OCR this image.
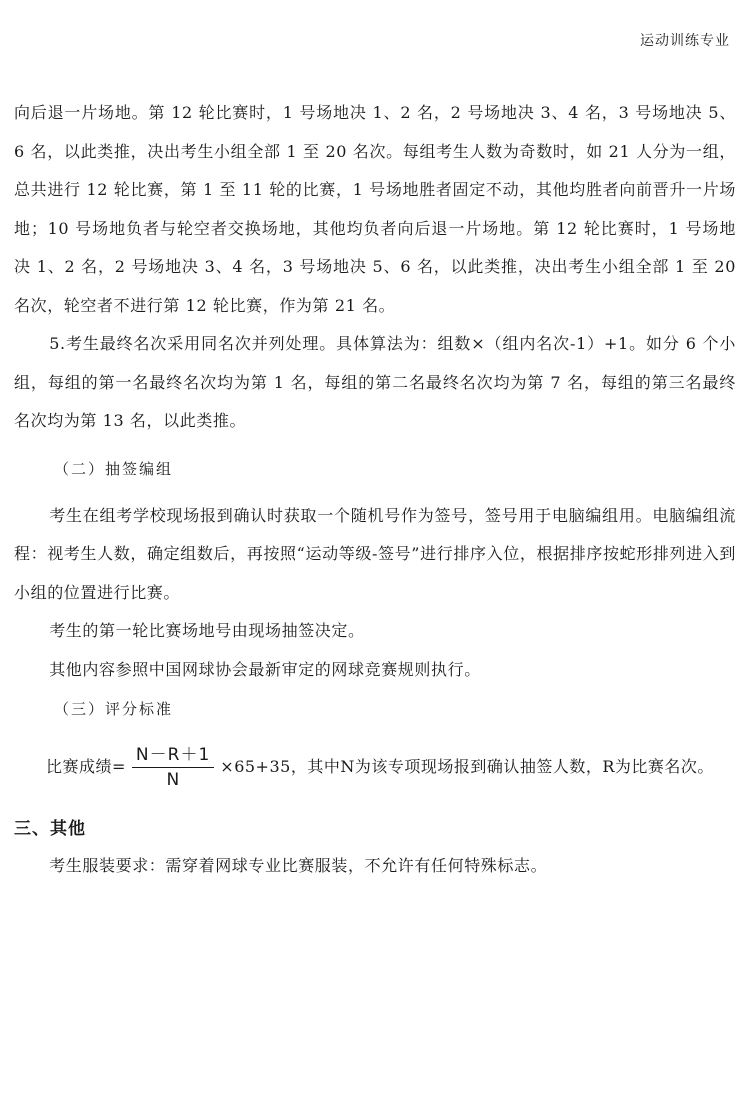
运动训练专业

向后退一片场地。第 12 轮比赛时，1 号场地决 1、2 名，2 号场地决 3、4 名，3 号场地决 5、6 名，以此类推，决出考生小组全部 1 至 20 名次。每组考生人数为奇数时，如 21 人分为一组，总共进行 12 轮比赛，第 1 至 11 轮的比赛，1 号场地胜者固定不动，其他均胜者向前晋升一片场地；10 号场地负者与轮空者交换场地，其他均负者向后退一片场地。第 12 轮比赛时，1 号场地决 1、2 名，2 号场地决 3、4 名，3 号场地决 5、6 名，以此类推，决出考生小组全部 1 至 20 名次，轮空者不进行第 12 轮比赛，作为第 21 名。

5.考生最终名次采用同名次并列处理。具体算法为：组数×（组内名次-1）+1。如分 6 个小组，每组的第一名最终名次均为第 1 名，每组的第二名最终名次均为第 7 名，每组的第三名最终名次均为第 13 名，以此类推。

（二）抽签编组

考生在组考学校现场报到确认时获取一个随机号作为签号，签号用于电脑编组用。电脑编组流程：视考生人数，确定组数后，再按照“运动等级-签号”进行排序入位，根据排序按蛇形排列进入到小组的位置进行比赛。

考生的第一轮比赛场地号由现场抽签决定。

其他内容参照中国网球协会最新审定的网球竞赛规则执行。

（三）评分标准

比赛成绩= $\frac{N-R+1}{N} \times 65+35$，其中N为该专项现场报到确认抽签人数，R为比赛名次。
三、其他

考生服装要求：需穿着网球专业比赛服装，不允许有任何特殊标志。
